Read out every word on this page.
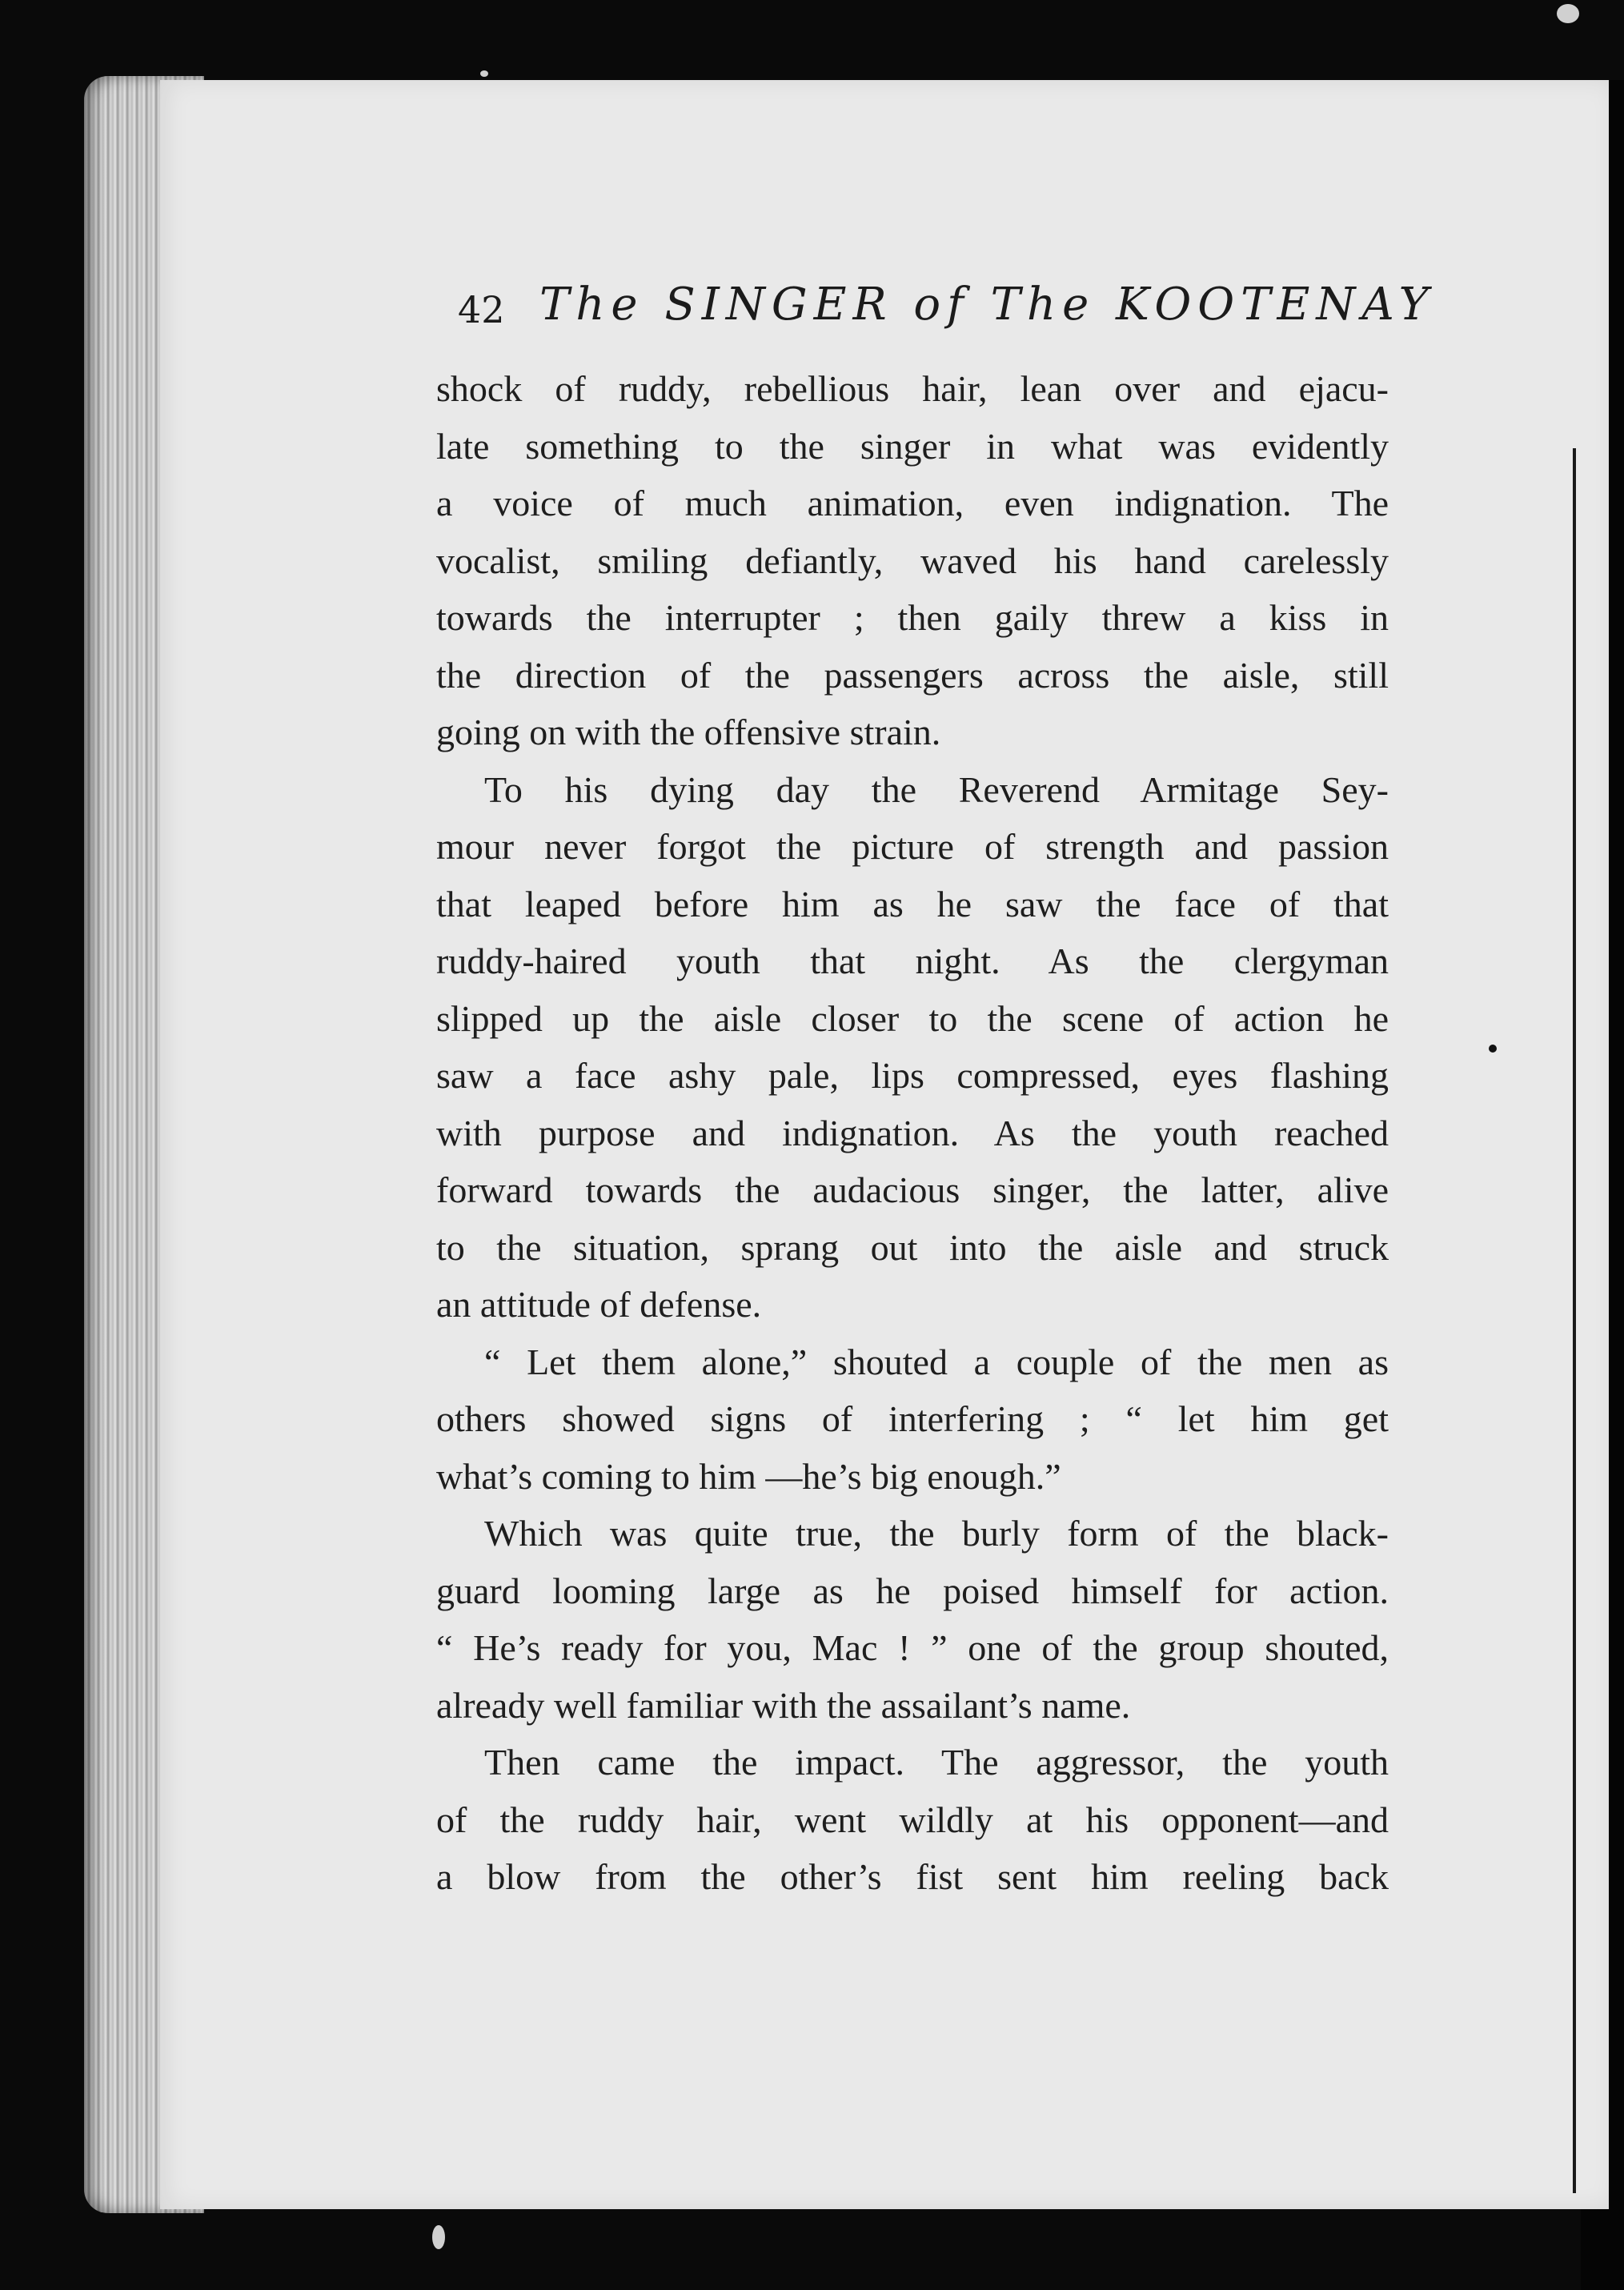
42 The SINGER of The KOOTENAY
shock of ruddy, rebellious hair, lean over and ejacu-
late something to the singer in what was evidently
a voice of much animation, even indignation. The
vocalist, smiling defiantly, waved his hand carelessly
towards the interrupter ; then gaily threw a kiss in
the direction of the passengers across the aisle, still
going on with the offensive strain.
To his dying day the Reverend Armitage Sey-
mour never forgot the picture of strength and passion
that leaped before him as he saw the face of that
ruddy-haired youth that night. As the clergyman
slipped up the aisle closer to the scene of action he
saw a face ashy pale, lips compressed, eyes flashing
with purpose and indignation. As the youth reached
forward towards the audacious singer, the latter, alive
to the situation, sprang out into the aisle and struck
an attitude of defense.
“ Let them alone,” shouted a couple of the men as
others showed signs of interfering ; “ let him get
what’s coming to him —he’s big enough.”
Which was quite true, the burly form of the black-
guard looming large as he poised himself for action.
“ He’s ready for you, Mac ! ” one of the group shouted,
already well familiar with the assailant’s name.
Then came the impact. The aggressor, the youth
of the ruddy hair, went wildly at his opponent—and
a blow from the other’s fist sent him reeling back
